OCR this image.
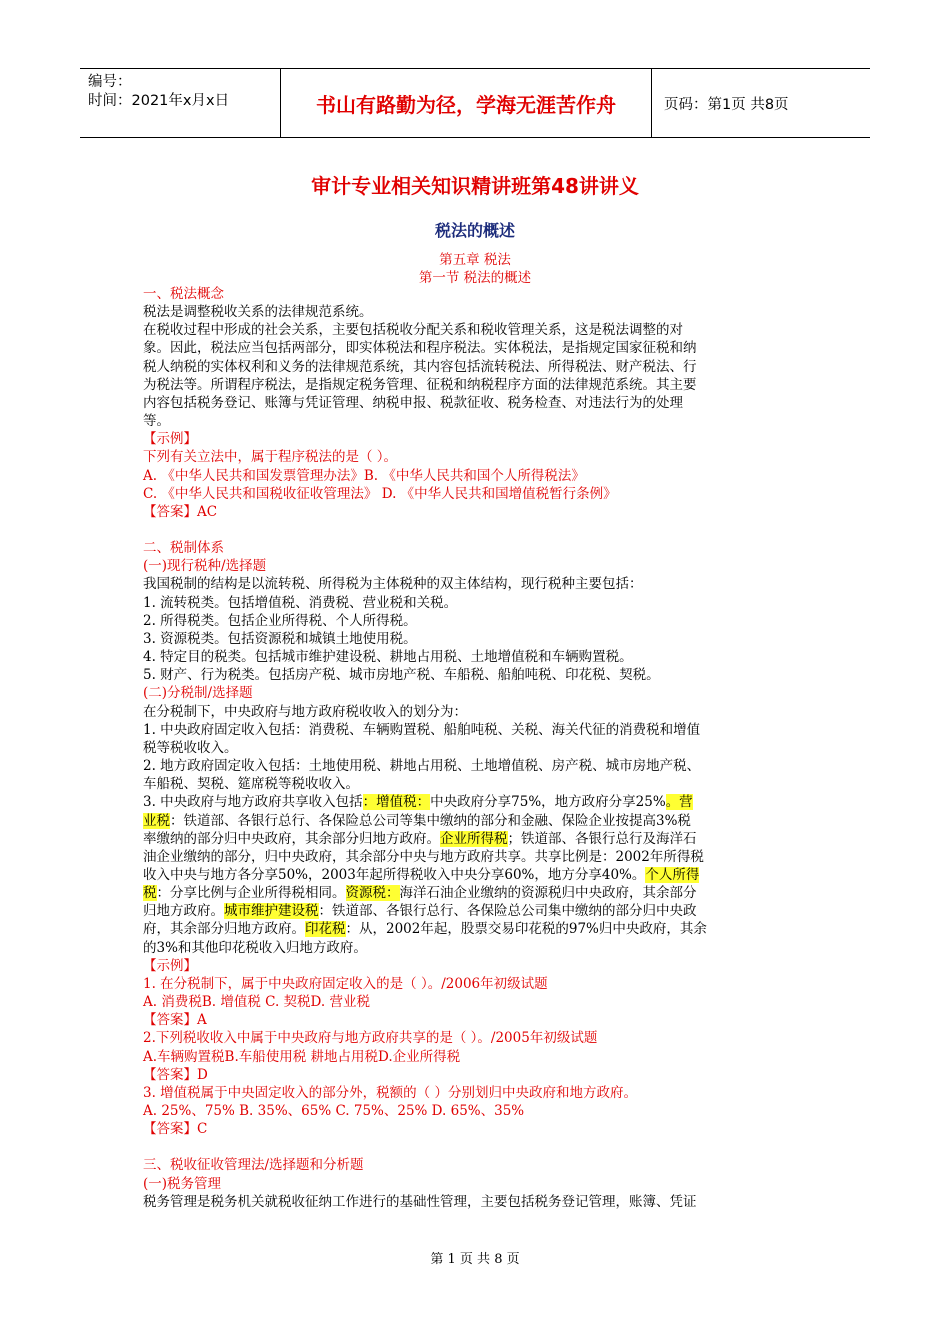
编号：
时间：2021年x月x日	书山有路勤为径，学海无涯苦作舟	页码：第1页 共8页
审计专业相关知识精讲班第48讲讲义
税法的概述
第五章 税法
第一节 税法的概述

一、税法概念

税法是调整税收关系的法律规范系统。

在税收过程中形成的社会关系，主要包括税收分配关系和税收管理关系，这是税法调整的对

象。因此，税法应当包括两部分，即实体税法和程序税法。实体税法，是指规定国家征税和纳

税人纳税的实体权利和义务的法律规范系统，其内容包括流转税法、所得税法、财产税法、行

为税法等。所谓程序税法，是指规定税务管理、征税和纳税程序方面的法律规范系统。其主要

内容包括税务登记、账簿与凭证管理、纳税申报、税款征收、税务检查、对违法行为的处理

等。

【示例】

下列有关立法中，属于程序税法的是（ ）。

A. 《中华人民共和国发票管理办法》B. 《中华人民共和国个人所得税法》

C. 《中华人民共和国税收征收管理法》 D. 《中华人民共和国增值税暂行条例》

【答案】AC

二、税制体系

(一)现行税种/选择题

我国税制的结构是以流转税、所得税为主体税种的双主体结构，现行税种主要包括：

1. 流转税类。包括增值税、消费税、营业税和关税。

2. 所得税类。包括企业所得税、个人所得税。

3. 资源税类。包括资源税和城镇土地使用税。

4. 特定目的税类。包括城市维护建设税、耕地占用税、土地增值税和车辆购置税。

5. 财产、行为税类。包括房产税、城市房地产税、车船税、船舶吨税、印花税、契税。

(二)分税制/选择题

在分税制下，中央政府与地方政府税收收入的划分为：

1. 中央政府固定收入包括：消费税、车辆购置税、船舶吨税、关税、海关代征的消费税和增值

税等税收收入。

2. 地方政府固定收入包括：土地使用税、耕地占用税、土地增值税、房产税、城市房地产税、

车船税、契税、筵席税等税收收入。

3. 中央政府与地方政府共享收入包括：增值税：中央政府分享75%，地方政府分享25%。营

业税：铁道部、各银行总行、各保险总公司等集中缴纳的部分和金融、保险企业按提高3%税

率缴纳的部分归中央政府，其余部分归地方政府。企业所得税；铁道部、各银行总行及海洋石

油企业缴纳的部分，归中央政府，其余部分中央与地方政府共享。共享比例是：2002年所得税

收入中央与地方各分享50%，2003年起所得税收入中央分享60%，地方分享40%。个人所得

税：分享比例与企业所得税相同。资源税：海洋石油企业缴纳的资源税归中央政府，其余部分

归地方政府。城市维护建设税：铁道部、各银行总行、各保险总公司集中缴纳的部分归中央政

府，其余部分归地方政府。印花税：从，2002年起，股票交易印花税的97%归中央政府，其余

的3%和其他印花税收入归地方政府。

【示例】

1. 在分税制下，属于中央政府固定收入的是（ ）。/2006年初级试题

A. 消费税B. 增值税 C. 契税D. 营业税

【答案】A

2.下列税收收入中属于中央政府与地方政府共享的是（ ）。/2005年初级试题

A.车辆购置税B.车船使用税 耕地占用税D.企业所得税

【答案】D

3. 增值税属于中央固定收入的部分外，税额的（ ）分别划归中央政府和地方政府。

A. 25%、75% B. 35%、65% C. 75%、25% D. 65%、35%

【答案】C

三、税收征收管理法/选择题和分析题

(一)税务管理

税务管理是税务机关就税收征纳工作进行的基础性管理，主要包括税务登记管理，账簿、凭证

第 1 页 共 8 页
